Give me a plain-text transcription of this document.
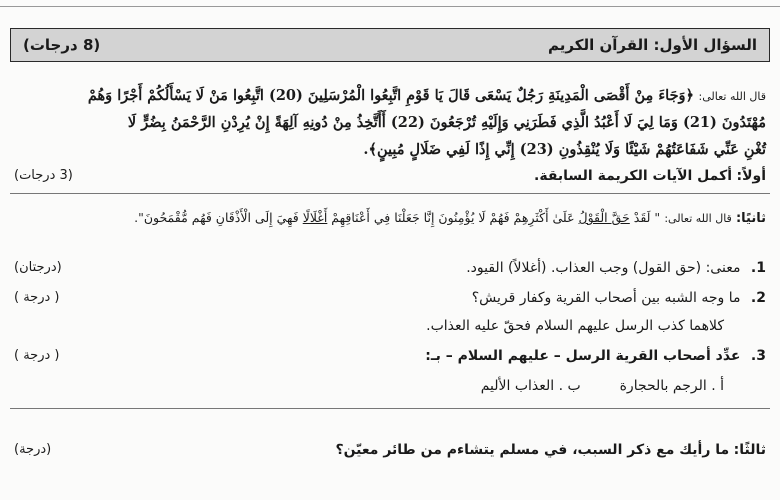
السؤال الأول: القرآن الكريم
(8 درجات)
قال الله تعالى: ﴿وَجَاءَ مِنْ أَقْصَى الْمَدِينَةِ رَجُلٌ يَسْعَى قَالَ يَا قَوْمِ اتَّبِعُوا الْمُرْسَلِينَ (20) اتَّبِعُوا مَنْ لَا يَسْأَلُكُمْ أَجْرًا وَهُمْ
مُهْتَدُونَ (21) وَمَا لِيَ لَا أَعْبُدُ الَّذِي فَطَرَنِي وَإِلَيْهِ تُرْجَعُونَ (22) أَأَتَّخِذُ مِنْ دُونِهِ آلِهَةً إِنْ يُرِدْنِ الرَّحْمَنُ بِضُرٍّ لَا
تُغْنِ عَنِّي شَفَاعَتُهُمْ شَيْئًا وَلَا يُنْقِذُونِ (23) إِنِّي إِذًا لَفِي ضَلَالٍ مُبِينٍ﴾.
أولاً: أكمل الآيات الكريمة السابقة.
(3 درجات)
ثانيًا: قال الله تعالى: " لَقَدْ حَقَّ الْقَوْلُ عَلَىٰ أَكْثَرِهِمْ فَهُمْ لَا يُؤْمِنُونَ إِنَّا جَعَلْنَا فِي أَعْنَاقِهِمْ أَغْلَالًا فَهِيَ إِلَى الْأَذْقَانِ فَهُم مُّقْمَحُونَ".
1. معنى: (حق القول) وجب العذاب. (أغلالاً) القيود.
(درجتان)
2. ما وجه الشبه بين أصحاب القرية وكفار قريش؟
( درجة )
كلاهما كذب الرسل عليهم السلام فحقّ عليه العذاب.
3. عدِّد أصحاب القرية الرسل – عليهم السلام – بـ:
( درجة )
أ . الرجم بالحجارة  ب . العذاب الأليم
ثالثًا: ما رأيك مع ذكر السبب، في مسلم يتشاءم من طائر معيّن؟
(درجة)
